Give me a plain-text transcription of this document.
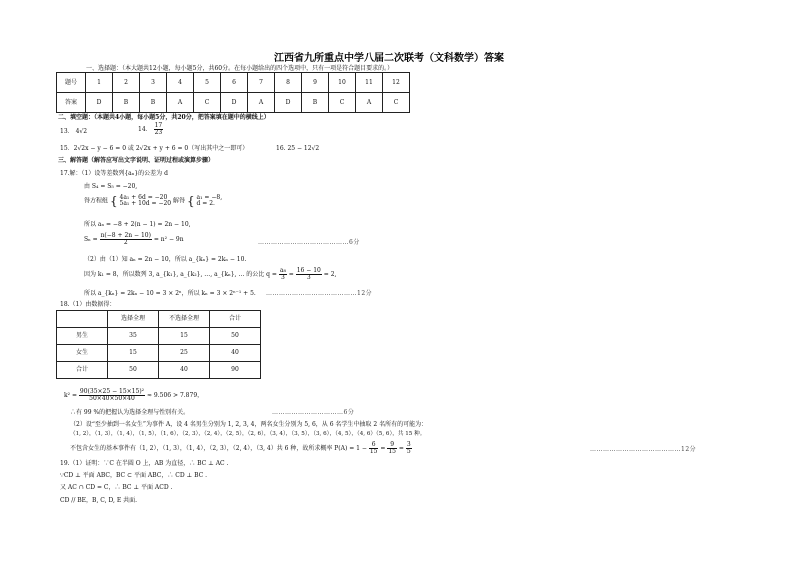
江西省九所重点中学八届二次联考（文科数学）答案
一、选择题：（本大题共12小题，每小题5分，共60分。在每小题给出的四个选项中，只有一项是符合题目要求的。）
题号	1	2	3	4	5	6	7	8	9	10	11	12
答案	D	B	B	A	C	D	A	D	B	C	A	C
二、填空题：（本题共4小题，每小题5分，共20分，把答案填在题中的横线上）
13． 4√2	14． $\frac{17}{23}$
15．2√2x − y − 6 = 0 或 2√2x + y + 6 = 0（写出其中之一即可）	16. 25 − 12√2
三、解答题（解答应写出文字说明、证明过程或演算步骤）
17.解：（1）设等差数列{aₙ}的公差为 d
由 S₄ = S₅ = −20,
得方程组 { 4a₁ + 6d = −20
5a₁ + 10d = −20 解得 { a₁ = −8,
d = 2.
所以 aₙ = −8 + 2(n − 1) = 2n − 10,
$S_n = \frac{n(-8 + 2n - 10)}{2} = n^2 - 9n$	……………………………………6分
（2）由（1）知 aₙ = 2n − 10，所以 a_{kₙ} = 2kₙ − 10.
因为 k₁ = 8，所以数列 3, a_{k₁}, a_{k₂}, …, a_{kₙ}, … 的公比 $q = \frac{\text{a₈}}{3} = \frac{16 - 10}{3} = 2$,
所以 a_{kₙ} = 2kₙ − 10 = 3 × 2ⁿ，所以 kₙ = 3 × 2ⁿ⁻¹ + 5. ……………………………………12分
18.（1）由数据得：
	选择全理	不选择全理	合计
男生	35	15	50
女生	15	25	40
合计	50	40	90
$k^2 = \frac{\text{90(35×25 − 15×15)²}}{50\times 40\times 50\times 40} \approx 9.506 > 7.879$，
∴有 99 %的把握认为选择全理与性别有关。	……………………………6分
（2）设“至少抽到一名女生”为事件 A，设 4 名男生分别为 1, 2, 3, 4，两名女生分别为 5, 6，从 6 名学生中抽取 2 名所有的可能为：
（1, 2），（1, 3），（1, 4），（1, 5），（1, 6），（2, 3），（2, 4），（2, 5），（2, 6），（3, 4），（3, 5），（3, 6），（4, 5），（4, 6）（5, 6），共 15 种。
不包含女生的基本事件有（1, 2），（1, 3），（1, 4），（2, 3），（2, 4），（3, 4）共 6 种，故所求概率 $P(A) = 1 - \frac{6}{15} = \frac{9}{15} = \frac{3}{5}$	……………………………………12分
19.（1）证明：∵C 在半圆 O 上，AB 为直径，∴ BC ⊥ AC .
∵CD ⊥ 平面 ABC，BC ⊂ 平面 ABC，∴ CD ⊥ BC .
又 AC ∩ CD = C，∴ BC ⊥ 平面 ACD .
CD // BE，B, C, D, E 共面.
